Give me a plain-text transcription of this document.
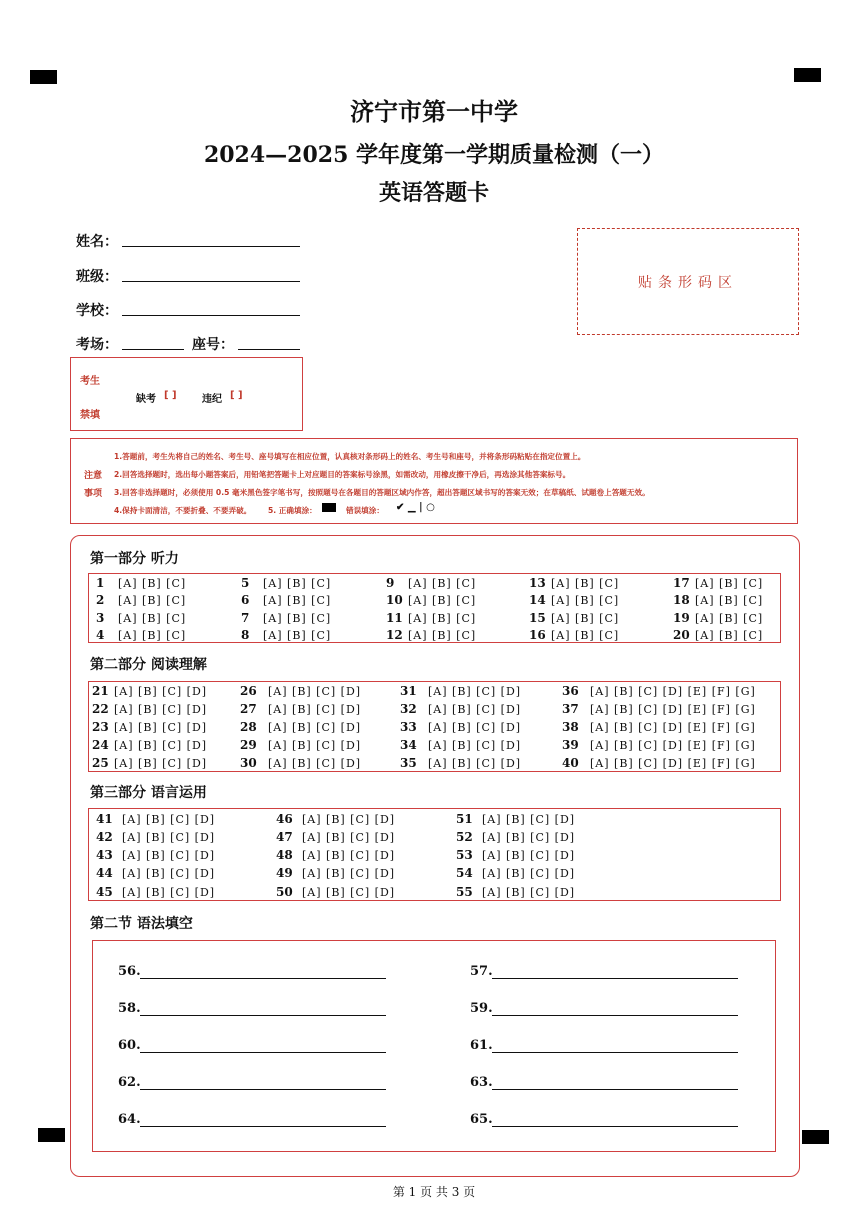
济宁市第一中学
2024—2025 学年度第一学期质量检测（一）
英语答题卡
姓名：
班级：
学校：
考场：	座号：
贴条形码区
考生
禁填
缺考 [ ]	违纪 [ ]
注意
事项
1.答题前，考生先将自己的姓名、考生号、座号填写在相应位置，认真核对条形码上的姓名、考生号和座号，并将条形码粘贴在指定位置上。
2.回答选择题时，选出每小题答案后，用铅笔把答题卡上对应题目的答案标号涂黑，如需改动，用橡皮擦干净后，再选涂其他答案标号。
3.回答非选择题时，必须使用 0.5 毫米黑色签字笔书写，按照题号在各题目的答题区域内作答，超出答题区域书写的答案无效；在草稿纸、试题卷上答题无效。
4.保持卡面清洁，不要折叠、不要弄破。 5. 正确填涂：	错误填涂： ✔ ▁ | ○
第一部分 听力
1 [A] [B] [C]
2 [A] [B] [C]
3 [A] [B] [C]
4 [A] [B] [C]
5 [A] [B] [C]
6 [A] [B] [C]
7 [A] [B] [C]
8 [A] [B] [C]
9 [A] [B] [C]
10 [A] [B] [C]
11 [A] [B] [C]
12 [A] [B] [C]
13 [A] [B] [C]
14 [A] [B] [C]
15 [A] [B] [C]
16 [A] [B] [C]
17 [A] [B] [C]
18 [A] [B] [C]
19 [A] [B] [C]
20 [A] [B] [C]
第二部分 阅读理解
21 [A] [B] [C] [D]
22 [A] [B] [C] [D]
23 [A] [B] [C] [D]
24 [A] [B] [C] [D]
25 [A] [B] [C] [D]
26 [A] [B] [C] [D]
27 [A] [B] [C] [D]
28 [A] [B] [C] [D]
29 [A] [B] [C] [D]
30 [A] [B] [C] [D]
31 [A] [B] [C] [D]
32 [A] [B] [C] [D]
33 [A] [B] [C] [D]
34 [A] [B] [C] [D]
35 [A] [B] [C] [D]
36 [A] [B] [C] [D] [E] [F] [G]
37 [A] [B] [C] [D] [E] [F] [G]
38 [A] [B] [C] [D] [E] [F] [G]
39 [A] [B] [C] [D] [E] [F] [G]
40 [A] [B] [C] [D] [E] [F] [G]
第三部分 语言运用
41 [A] [B] [C] [D]
42 [A] [B] [C] [D]
43 [A] [B] [C] [D]
44 [A] [B] [C] [D]
45 [A] [B] [C] [D]
46 [A] [B] [C] [D]
47 [A] [B] [C] [D]
48 [A] [B] [C] [D]
49 [A] [B] [C] [D]
50 [A] [B] [C] [D]
51 [A] [B] [C] [D]
52 [A] [B] [C] [D]
53 [A] [B] [C] [D]
54 [A] [B] [C] [D]
55 [A] [B] [C] [D]
第二节 语法填空
56.	57.
58.	59.
60.	61.
62.	63.
64.	65.
第 1 页 共 3 页
